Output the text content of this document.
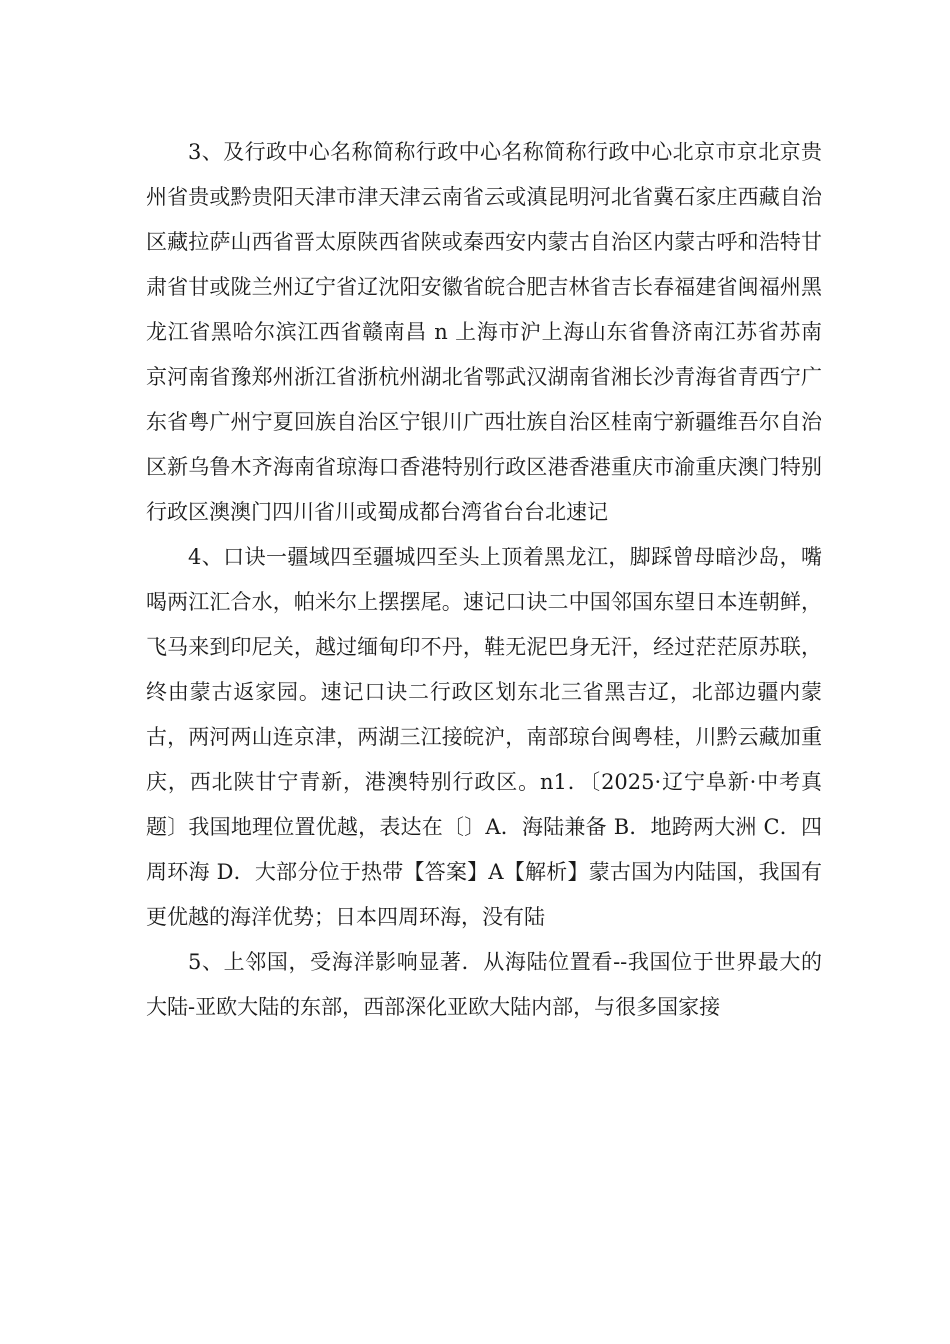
3、及行政中心名称简称行政中心名称简称行政中心北京市京北京贵州省贵或黔贵阳天津市津天津云南省云或滇昆明河北省冀石家庄西藏自治区藏拉萨山西省晋太原陕西省陕或秦西安内蒙古自治区内蒙古呼和浩特甘肃省甘或陇兰州辽宁省辽沈阳安徽省皖合肥吉林省吉长春福建省闽福州黑龙江省黑哈尔滨江西省赣南昌 n 上海市沪上海山东省鲁济南江苏省苏南京河南省豫郑州浙江省浙杭州湖北省鄂武汉湖南省湘长沙青海省青西宁广东省粤广州宁夏回族自治区宁银川广西壮族自治区桂南宁新疆维吾尔自治区新乌鲁木齐海南省琼海口香港特别行政区港香港重庆市渝重庆澳门特别行政区澳澳门四川省川或蜀成都台湾省台台北速记

4、口诀一疆域四至疆城四至头上顶着黑龙江，脚踩曾母暗沙岛，嘴喝两江汇合水，帕米尔上摆摆尾。速记口诀二中国邻国东望日本连朝鲜，飞马来到印尼关，越过缅甸印不丹，鞋无泥巴身无汗，经过茫茫原苏联，终由蒙古返家园。速记口诀二行政区划东北三省黑吉辽，北部边疆内蒙古，两河两山连京津，两湖三江接皖沪，南部琼台闽粤桂，川黔云藏加重庆，西北陕甘宁青新，港澳特别行政区。n1．〔2025·辽宁阜新·中考真题〕我国地理位置优越，表达在〔〕A．海陆兼备 B．地跨两大洲 C．四周环海 D．大部分位于热带【答案】A【解析】蒙古国为内陆国，我国有更优越的海洋优势；日本四周环海，没有陆

5、上邻国，受海洋影响显著．从海陆位置看--我国位于世界最大的大陆-亚欧大陆的东部，西部深化亚欧大陆内部，与很多国家接
